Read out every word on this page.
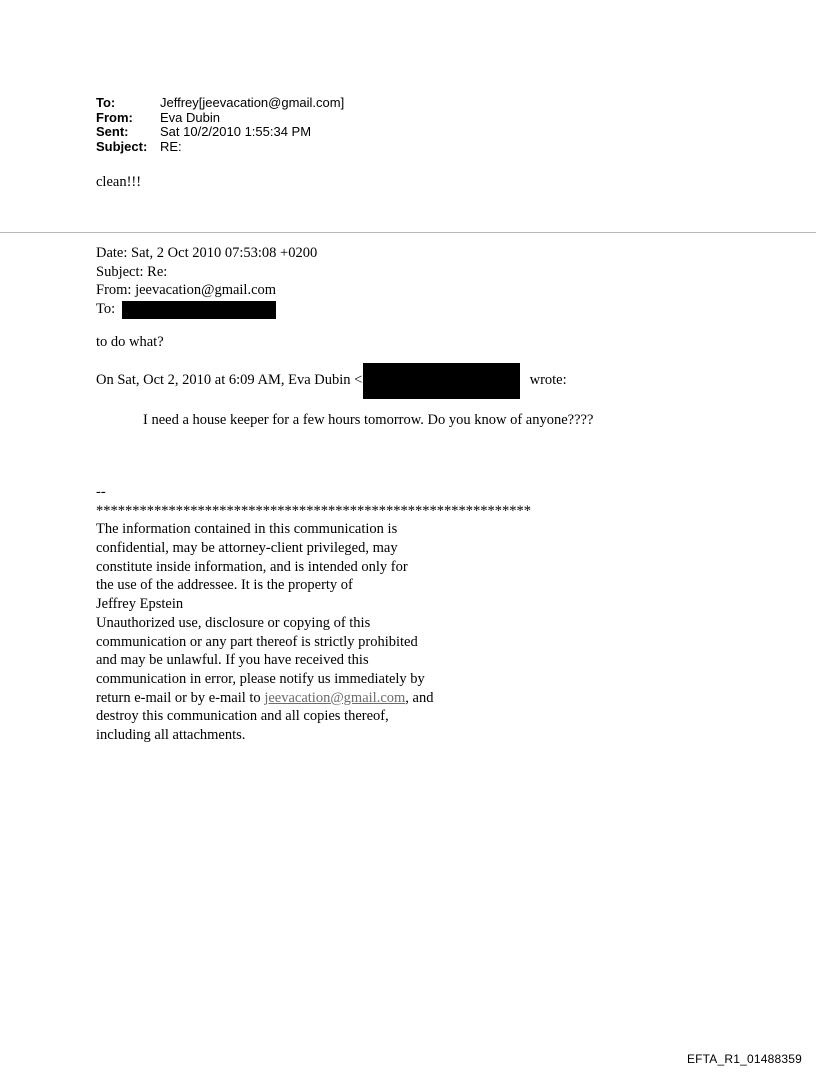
To:	Jeffrey[jeevacation@gmail.com]
From:	Eva Dubin
Sent:	Sat 10/2/2010 1:55:34 PM
Subject: RE:
clean!!!
Date: Sat, 2 Oct 2010 07:53:08 +0200
Subject: Re:
From: jeevacation@gmail.com
To:
to do what?
On Sat, Oct 2, 2010 at 6:09 AM, Eva Dubin <	wrote:
I need a house keeper for a few hours tomorrow. Do you know of anyone????
--
************************************************************
The information contained in this communication is
confidential, may be attorney-client privileged, may
constitute inside information, and is intended only for
the use of the addressee. It is the property of
Jeffrey Epstein
Unauthorized use, disclosure or copying of this
communication or any part thereof is strictly prohibited
and may be unlawful. If you have received this
communication in error, please notify us immediately by
return e-mail or by e-mail to jeevacation@gmail.com, and
destroy this communication and all copies thereof,
including all attachments.
EFTA_R1_01488359
